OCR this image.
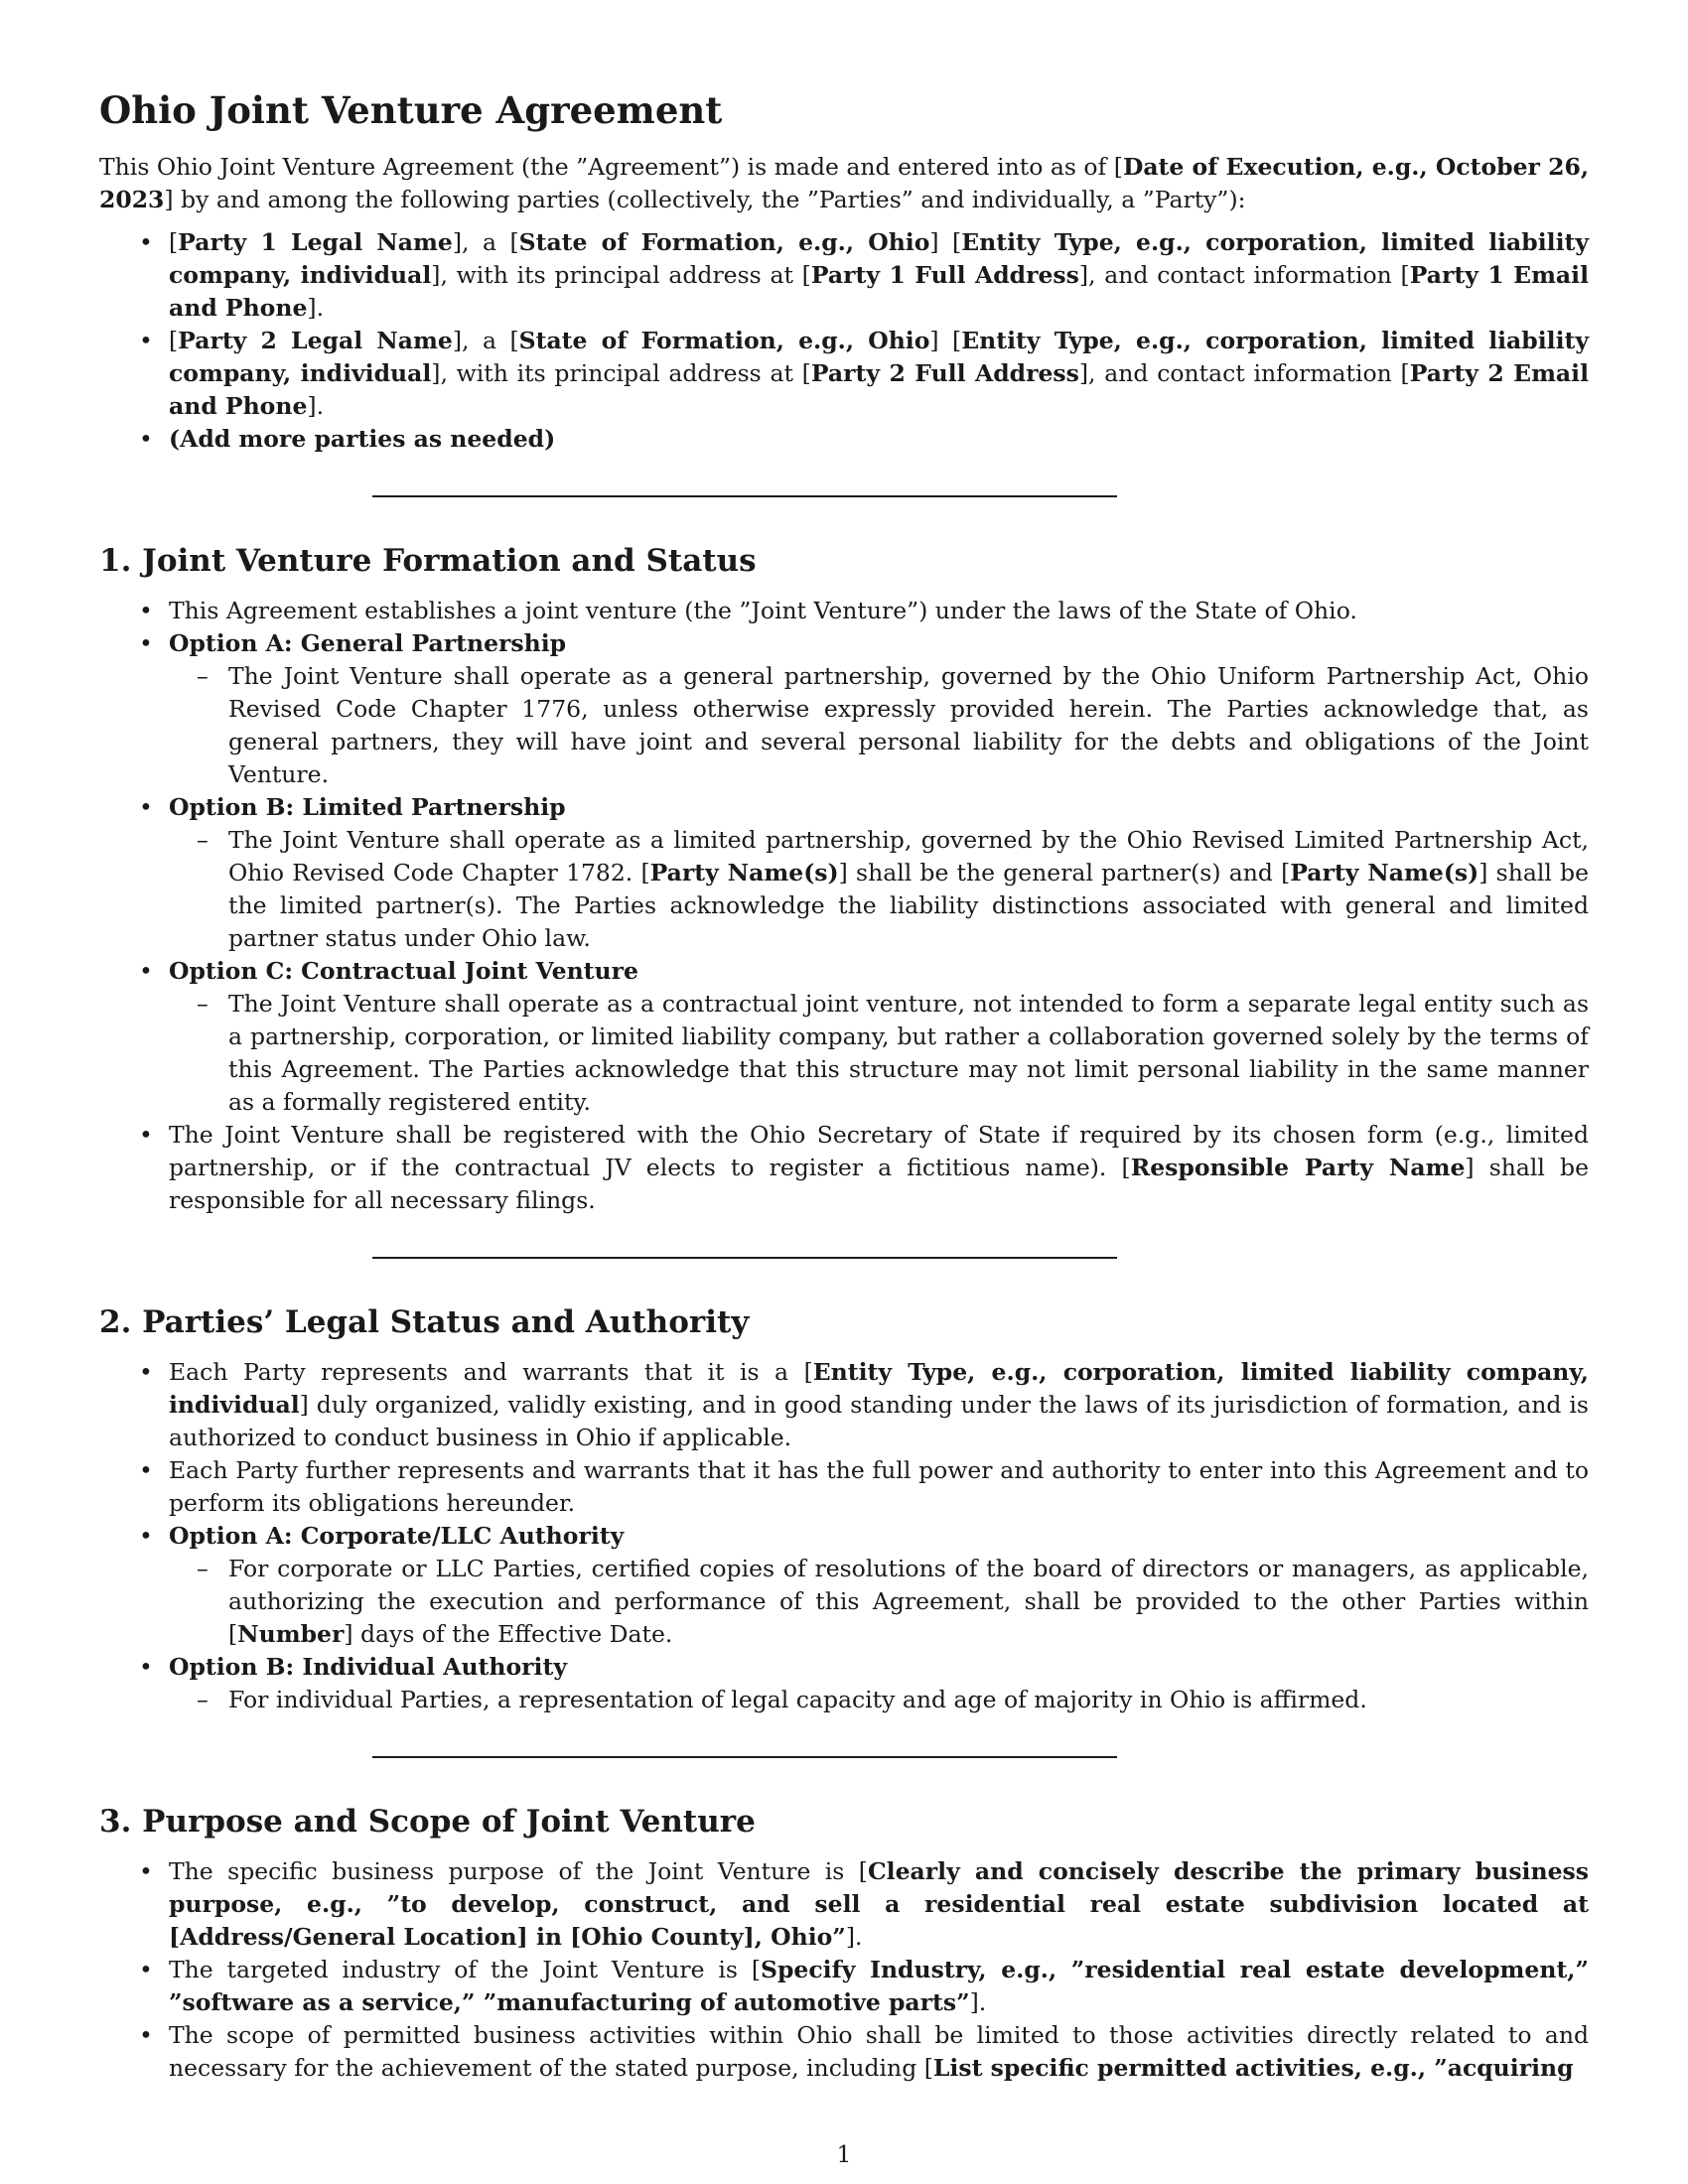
Ohio Joint Venture Agreement

This Ohio Joint Venture Agreement (the ”Agreement”) is made and entered into as of [Date of Execution, e.g., October 26, 2023] by and among the following parties (collectively, the ”Parties” and individually, a ”Party”):

• [Party 1 Legal Name], a [State of Formation, e.g., Ohio] [Entity Type, e.g., corporation, limited liability company, individual], with its principal address at [Party 1 Full Address], and contact information [Party 1 Email and Phone].
• [Party 2 Legal Name], a [State of Formation, e.g., Ohio] [Entity Type, e.g., corporation, limited liability company, individual], with its principal address at [Party 2 Full Address], and contact information [Party 2 Email and Phone].
• (Add more parties as needed)
1. Joint Venture Formation and Status
• This Agreement establishes a joint venture (the ”Joint Venture”) under the laws of the State of Ohio.
• Option A: General Partnership
– The Joint Venture shall operate as a general partnership, governed by the Ohio Uniform Partnership Act, Ohio Revised Code Chapter 1776, unless otherwise expressly provided herein. The Parties acknowledge that, as general partners, they will have joint and several personal liability for the debts and obligations of the Joint Venture.
• Option B: Limited Partnership
– The Joint Venture shall operate as a limited partnership, governed by the Ohio Revised Limited Partnership Act, Ohio Revised Code Chapter 1782. [Party Name(s)] shall be the general partner(s) and [Party Name(s)] shall be the limited partner(s). The Parties acknowledge the liability distinctions associated with general and limited partner status under Ohio law.
• Option C: Contractual Joint Venture
– The Joint Venture shall operate as a contractual joint venture, not intended to form a separate legal entity such as a partnership, corporation, or limited liability company, but rather a collaboration governed solely by the terms of this Agreement. The Parties acknowledge that this structure may not limit personal liability in the same manner as a formally registered entity.
• The Joint Venture shall be registered with the Ohio Secretary of State if required by its chosen form (e.g., limited partnership, or if the contractual JV elects to register a fictitious name). [Responsible Party Name] shall be responsible for all necessary filings.
2. Parties’ Legal Status and Authority
• Each Party represents and warrants that it is a [Entity Type, e.g., corporation, limited liability company, individual] duly organized, validly existing, and in good standing under the laws of its jurisdiction of formation, and is authorized to conduct business in Ohio if applicable.
• Each Party further represents and warrants that it has the full power and authority to enter into this Agreement and to perform its obligations hereunder.
• Option A: Corporate/LLC Authority
– For corporate or LLC Parties, certified copies of resolutions of the board of directors or managers, as applicable, authorizing the execution and performance of this Agreement, shall be provided to the other Parties within [Number] days of the Effective Date.
• Option B: Individual Authority
– For individual Parties, a representation of legal capacity and age of majority in Ohio is affirmed.
3. Purpose and Scope of Joint Venture
• The specific business purpose of the Joint Venture is [Clearly and concisely describe the primary business purpose, e.g., ”to develop, construct, and sell a residential real estate subdivision located at [Address/General Location] in [Ohio County], Ohio”].
• The targeted industry of the Joint Venture is [Specify Industry, e.g., ”residential real estate development,” ”software as a service,” ”manufacturing of automotive parts”].
• The scope of permitted business activities within Ohio shall be limited to those activities directly related to and necessary for the achievement of the stated purpose, including [List specific permitted activities, e.g., ”acquiring
1
